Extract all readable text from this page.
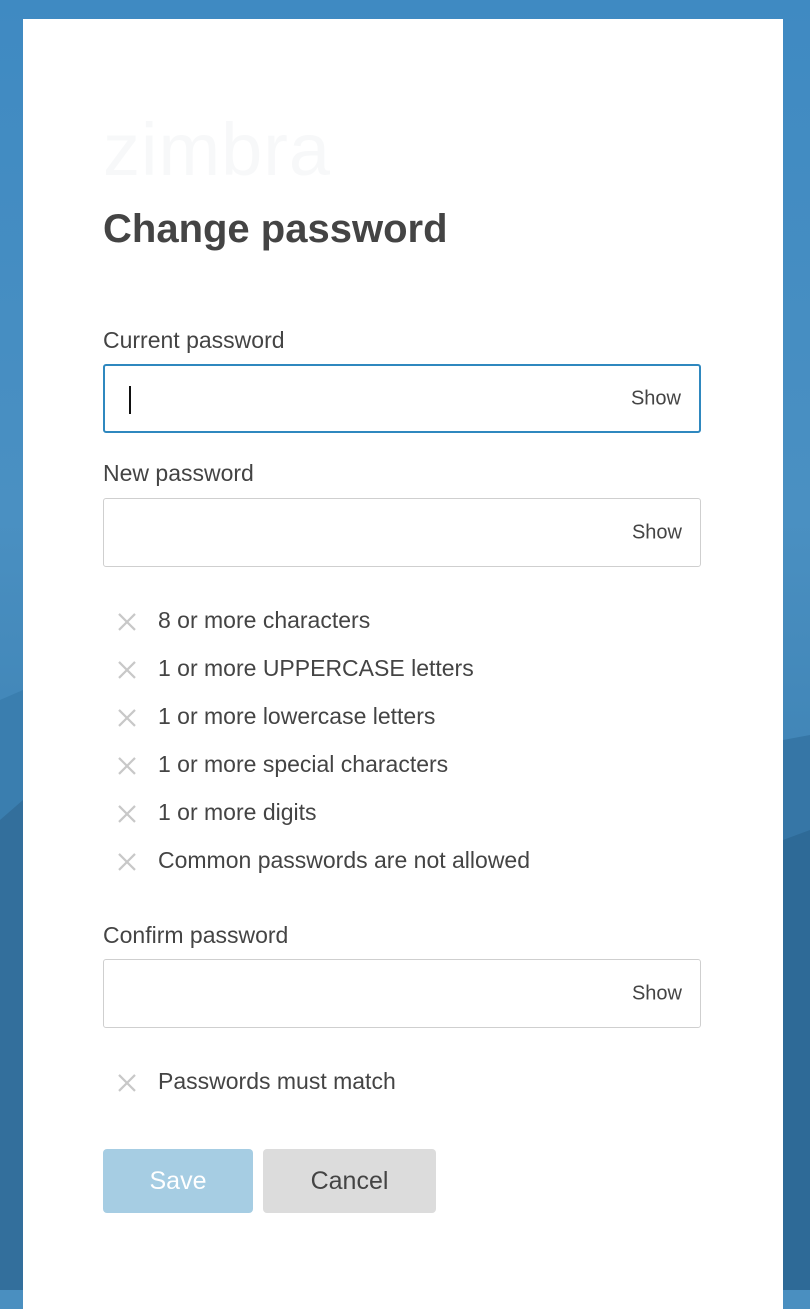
zimbra
Change password
Current password
Show
New password
Show
8 or more characters
1 or more UPPERCASE letters
1 or more lowercase letters
1 or more special characters
1 or more digits
Common passwords are not allowed
Confirm password
Show
Passwords must match
Save	Cancel
